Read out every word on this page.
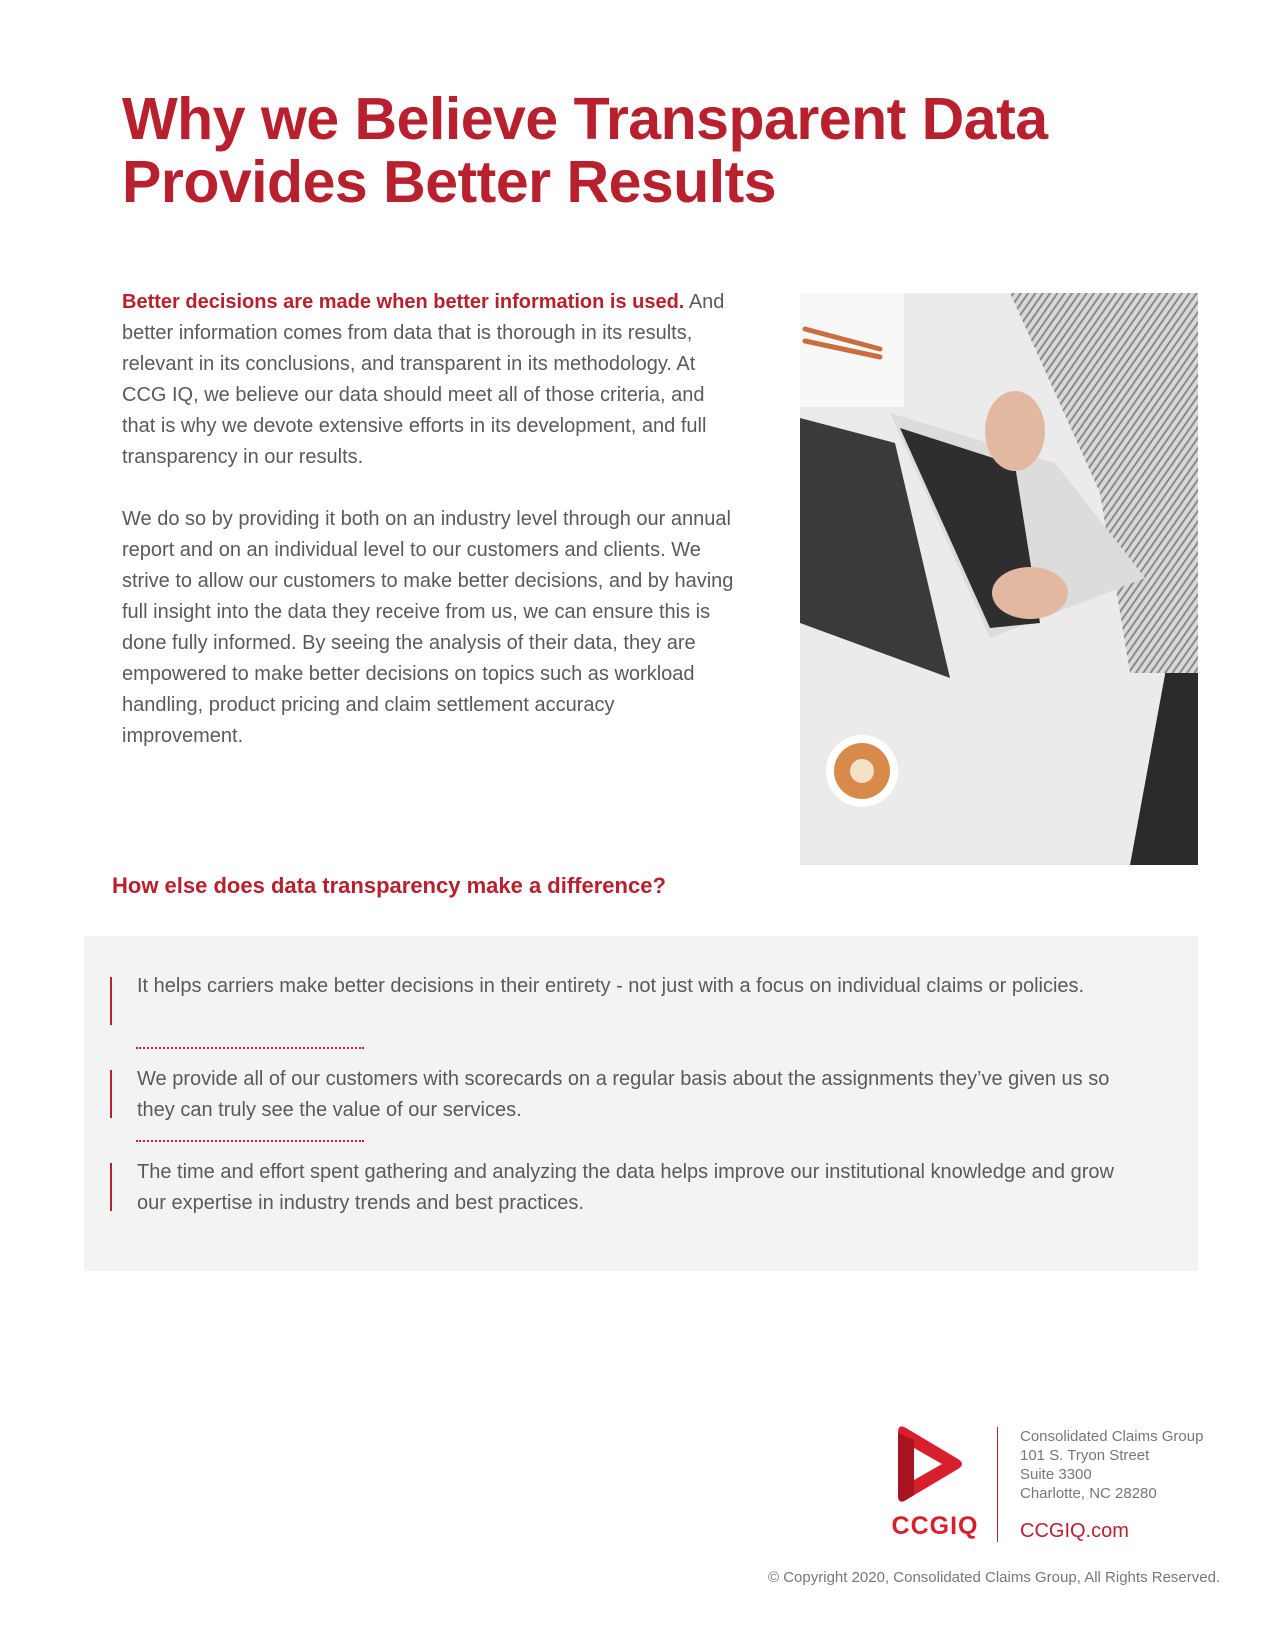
Why we Believe Transparent Data
Provides Better Results

Better decisions are made when better information is used. And better information comes from data that is thorough in its results, relevant in its conclusions, and transparent in its methodology. At CCG IQ, we believe our data should meet all of those criteria, and that is why we devote extensive efforts in its development, and full transparency in our results.

We do so by providing it both on an industry level through our annual report and on an individual level to our customers and clients. We strive to allow our customers to make better decisions, and by having full insight into the data they receive from us, we can ensure this is done fully informed. By seeing the analysis of their data, they are empowered to make better decisions on topics such as workload handling, product pricing and claim settlement accuracy improvement.

How else does data transparency make a difference?
It helps carriers make better decisions in their entirety - not just with a focus on individual claims or policies.
We provide all of our customers with scorecards on a regular basis about the assignments they’ve given us so they can truly see the value of our services.
The time and effort spent gathering and analyzing the data helps improve our institutional knowledge and grow our expertise in industry trends and best practices.
CCGIQ
Consolidated Claims Group
101 S. Tryon Street
Suite 3300
Charlotte, NC 28280
CCGIQ.com
© Copyright 2020, Consolidated Claims Group, All Rights Reserved.
